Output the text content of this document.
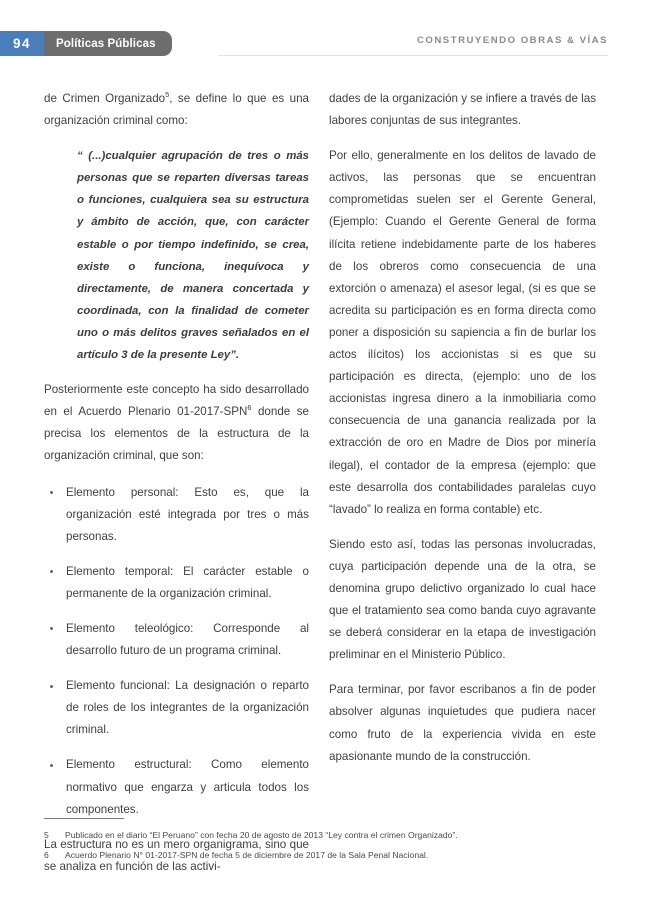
94	Políticas Públicas	CONSTRUYENDO OBRAS & VÍAS

de Crimen Organizado$^5$, se define lo que es una organización criminal como:

“ (...)cualquier agrupación de tres o más personas que se reparten diversas tareas o funciones, cualquiera sea su estructura y ámbito de acción, que, con carácter estable o por tiempo indefinido, se crea, existe o funciona, inequívoca y directamente, de manera concertada y coordinada, con la finalidad de cometer uno o más delitos graves señalados en el artículo 3 de la presente Ley”.

Posteriormente este concepto ha sido desarrollado en el Acuerdo Plenario 01-2017-SPN$^6$ donde se precisa los elementos de la estructura de la organización criminal, que son:

Elemento personal: Esto es, que la organización esté integrada por tres o más personas.
Elemento temporal: El carácter estable o permanente de la organización criminal.
Elemento teleológico: Corresponde al desarrollo futuro de un programa criminal.
Elemento funcional: La designación o reparto de roles de los integrantes de la organización criminal.
Elemento estructural: Como elemento normativo que engarza y articula todos los componentes.

La estructura no es un mero organigrama, sino que se analiza en función de las activi-

dades de la organización y se infiere a través de las labores conjuntas de sus integrantes.

Por ello, generalmente en los delitos de lavado de activos, las personas que se encuentran comprometidas suelen ser el Gerente General, (Ejemplo: Cuando el Gerente General de forma ilícita retiene indebidamente parte de los haberes de los obreros como consecuencia de una extorción o amenaza) el asesor legal, (si es que se acredita su participación es en forma directa como poner a disposición su sapiencia a fin de burlar los actos ilícitos) los accionistas si es que su participación es directa, (ejemplo: uno de los accionistas ingresa dinero a la inmobiliaria como consecuencia de una ganancia realizada por la extracción de oro en Madre de Dios por minería ilegal), el contador de la empresa (ejemplo: que este desarrolla dos contabilidades paralelas cuyo “lavado” lo realiza en forma contable) etc.

Siendo esto así, todas las personas involucradas, cuya participación depende una de la otra, se denomina grupo delictivo organizado lo cual hace que el tratamiento sea como banda cuyo agravante se deberá considerar en la etapa de investigación preliminar en el Ministerio Público.

Para terminar, por favor escribanos a fin de poder absolver algunas inquietudes que pudiera nacer como fruto de la experiencia vivida en este apasionante mundo de la construcción.

5 Publicado en el diario “El Peruano” con fecha 20 de agosto de 2013 “Ley contra el crimen Organizado”.
6 Acuerdo Plenario N° 01-2017-SPN de fecha 5 de diciembre de 2017 de la Sala Penal Nacional.
